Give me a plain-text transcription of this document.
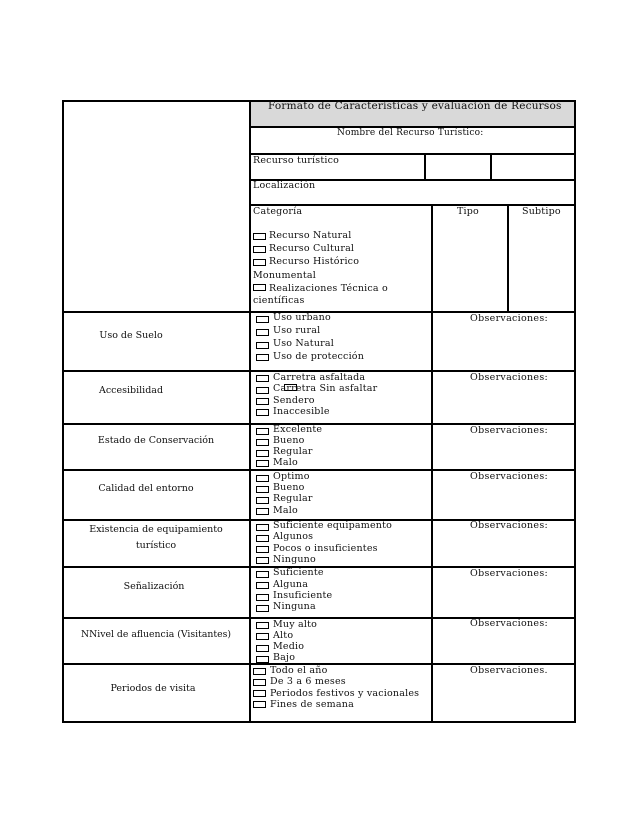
Formato de Características y evaluación de Recursos
Nombre del Recurso Turístico:
Recurso turístico
Localización
Categoría	Tipo	Subtipo
Recurso Natural
Recurso Cultural
Recurso Histórico
Monumental
Realizaciones Técnica o
científicas
Uso de Suelo
Uso urbano
Uso rural
Uso Natural
Uso de protección
Observaciones:
Accesibilidad
Carretra asfaltada
Carretra Sin asfaltar
Sendero
Inaccesible
Observaciones:
Estado de Conservación
Excelente
Bueno
Regular
Malo
Observaciones:
Calidad del entorno
Optimo
Bueno
Regular
Malo
Observaciones:
Existencia de equipamiento
turístico
Suficiente equipamento
Algunos
Pocos o insuficientes
Ninguno
Observaciones:
Señalización
Suficiente
Alguna
Insuficiente
Ninguna
Observaciones:
NNivel de afluencia (Visitantes)
Muy alto
Alto
Medio
Bajo
Observaciones:
Periodos de visita
Todo el año
De 3 a 6 meses
Periodos festivos y vacionales
Fines de semana
Observaciones.
